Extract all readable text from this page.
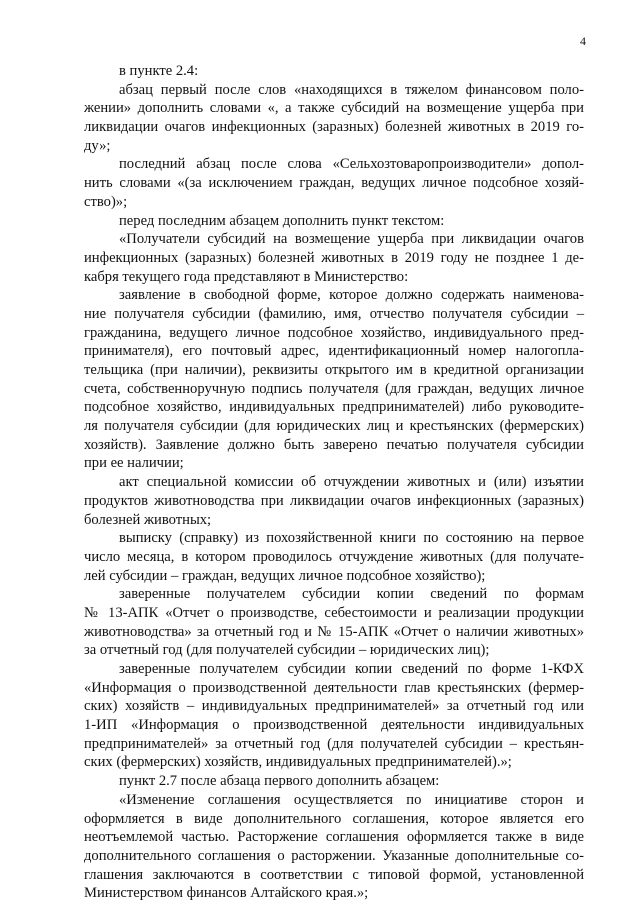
4
в пункте 2.4:
абзац первый после слов «находящихся в тяжелом финансовом поло-
жении» дополнить словами «, а также субсидий на возмещение ущерба при
ликвидации очагов инфекционных (заразных) болезней животных в 2019 го-
ду»;
последний абзац после слова «Сельхозтоваропроизводители» допол-
нить словами «(за исключением граждан, ведущих личное подсобное хозяй-
ство)»;
перед последним абзацем дополнить пункт текстом:
«Получатели субсидий на возмещение ущерба при ликвидации очагов
инфекционных (заразных) болезней животных в 2019 году не позднее 1 де-
кабря текущего года представляют в Министерство:
заявление в свободной форме, которое должно содержать наименова-
ние получателя субсидии (фамилию, имя, отчество получателя субсидии –
гражданина, ведущего личное подсобное хозяйство, индивидуального пред-
принимателя), его почтовый адрес, идентификационный номер налогопла-
тельщика (при наличии), реквизиты открытого им в кредитной организации
счета, собственноручную подпись получателя (для граждан, ведущих личное
подсобное хозяйство, индивидуальных предпринимателей) либо руководите-
ля получателя субсидии (для юридических лиц и крестьянских (фермерских)
хозяйств). Заявление должно быть заверено печатью получателя субсидии
при ее наличии;
акт специальной комиссии об отчуждении животных и (или) изъятии
продуктов животноводства при ликвидации очагов инфекционных (заразных)
болезней животных;
выписку (справку) из похозяйственной книги по состоянию на первое
число месяца, в котором проводилось отчуждение животных (для получате-
лей субсидии – граждан, ведущих личное подсобное хозяйство);
заверенные получателем субсидии копии сведений по формам
№ 13-АПК «Отчет о производстве, себестоимости и реализации продукции
животноводства» за отчетный год и № 15-АПК «Отчет о наличии животных»
за отчетный год (для получателей субсидии – юридических лиц);
заверенные получателем субсидии копии сведений по форме 1-КФХ
«Информация о производственной деятельности глав крестьянских (фермер-
ских) хозяйств – индивидуальных предпринимателей» за отчетный год или
1-ИП «Информация о производственной деятельности индивидуальных
предпринимателей» за отчетный год (для получателей субсидии – крестьян-
ских (фермерских) хозяйств, индивидуальных предпринимателей).»;
пункт 2.7 после абзаца первого дополнить абзацем:
«Изменение соглашения осуществляется по инициативе сторон и
оформляется в виде дополнительного соглашения, которое является его
неотъемлемой частью. Расторжение соглашения оформляется также в виде
дополнительного соглашения о расторжении. Указанные дополнительные со-
глашения заключаются в соответствии с типовой формой, установленной
Министерством финансов Алтайского края.»;
